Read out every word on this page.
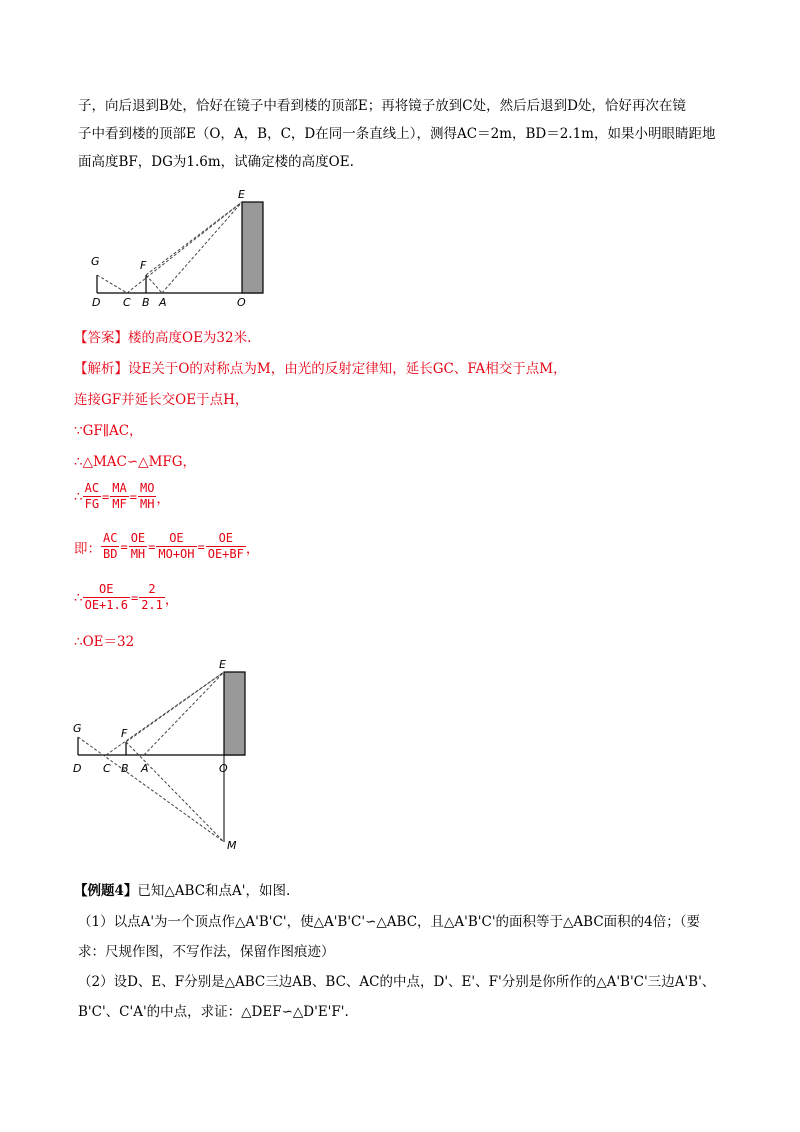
子，向后退到B处，恰好在镜子中看到楼的顶部E；再将镜子放到C处，然后后退到D处，恰好再次在镜
子中看到楼的顶部E（O，A，B，C，D在同一条直线上），测得AC＝2m，BD＝2.1m，如果小明眼睛距地
面高度BF，DG为1.6m，试确定楼的高度OE.
E
G	F
D C B A	O
【答案】楼的高度OE为32米.
【解析】设E关于O的对称点为M，由光的反射定律知，延长GC、FA相交于点M，
连接GF并延长交OE于点H，
∵GF∥AC，
∴△MAC∽△MFG，
∴ $\frac{AC}{FG} = \frac{MA}{MF} = \frac{MO}{MH}$ ，
即： $\frac{AC}{BD} = \frac{OE}{MH} = \frac{OE}{MO+OH} = \frac{OE}{OE+BF}$ ，
∴ $\frac{OE}{OE+1.6} = \frac{2}{2.1}$ ，
∴OE＝32
E
G	F
D C B A	O
M
【例题4】已知△ABC和点A'，如图.
（1）以点A'为一个顶点作△A'B'C'，使△A'B'C'∽△ABC，且△A'B'C'的面积等于△ABC面积的4倍；（要
求：尺规作图，不写作法，保留作图痕迹）
（2）设D、E、F分别是△ABC三边AB、BC、AC的中点，D'、E'、F'分别是你所作的△A'B'C'三边A'B'、
B'C'、C'A'的中点，求证：△DEF∽△D'E'F'.
